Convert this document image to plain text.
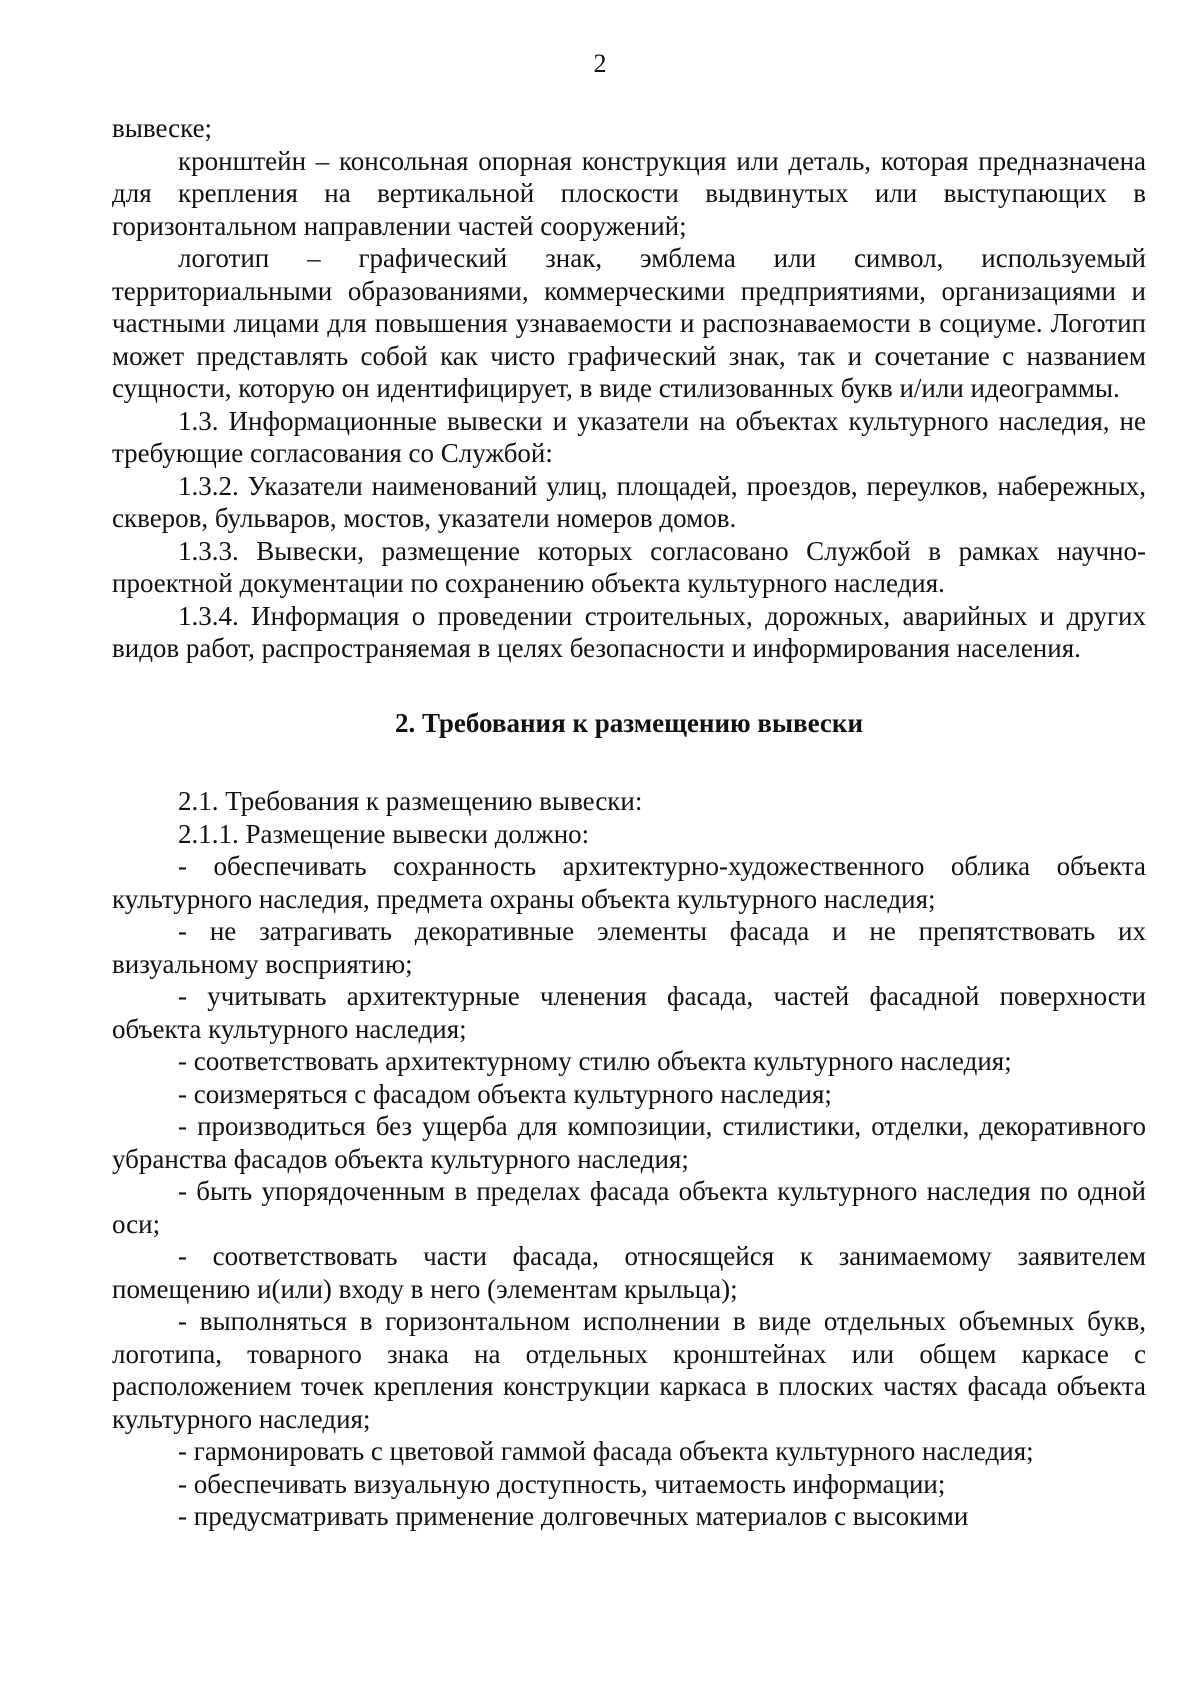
2
вывеске;
кронштейн – консольная опорная конструкция или деталь, которая предназначена для крепления на вертикальной плоскости выдвинутых или выступающих в горизонтальном направлении частей сооружений;
логотип – графический знак, эмблема или символ, используемый территориальными образованиями, коммерческими предприятиями, организациями и частными лицами для повышения узнаваемости и распознаваемости в социуме. Логотип может представлять собой как чисто графический знак, так и сочетание с названием сущности, которую он идентифицирует, в виде стилизованных букв и/или идеограммы.
1.3. Информационные вывески и указатели на объектах культурного наследия, не требующие согласования со Службой:
1.3.2. Указатели наименований улиц, площадей, проездов, переулков, набережных, скверов, бульваров, мостов, указатели номеров домов.
1.3.3. Вывески, размещение которых согласовано Службой в рамках научно-проектной документации по сохранению объекта культурного наследия.
1.3.4. Информация о проведении строительных, дорожных, аварийных и других видов работ, распространяемая в целях безопасности и информирования населения.
2. Требования к размещению вывески
2.1. Требования к размещению вывески:
2.1.1. Размещение вывески должно:
- обеспечивать сохранность архитектурно-художественного облика объекта культурного наследия, предмета охраны объекта культурного наследия;
- не затрагивать декоративные элементы фасада и не препятствовать их визуальному восприятию;
- учитывать архитектурные членения фасада, частей фасадной поверхности объекта культурного наследия;
- соответствовать архитектурному стилю объекта культурного наследия;
- соизмеряться с фасадом объекта культурного наследия;
- производиться без ущерба для композиции, стилистики, отделки, декоративного убранства фасадов объекта культурного наследия;
- быть упорядоченным в пределах фасада объекта культурного наследия по одной оси;
- соответствовать части фасада, относящейся к занимаемому заявителем помещению и(или) входу в него (элементам крыльца);
- выполняться в горизонтальном исполнении в виде отдельных объемных букв, логотипа, товарного знака на отдельных кронштейнах или общем каркасе с расположением точек крепления конструкции каркаса в плоских частях фасада объекта культурного наследия;
- гармонировать с цветовой гаммой фасада объекта культурного наследия;
- обеспечивать визуальную доступность, читаемость информации;
- предусматривать применение долговечных материалов с высокими
